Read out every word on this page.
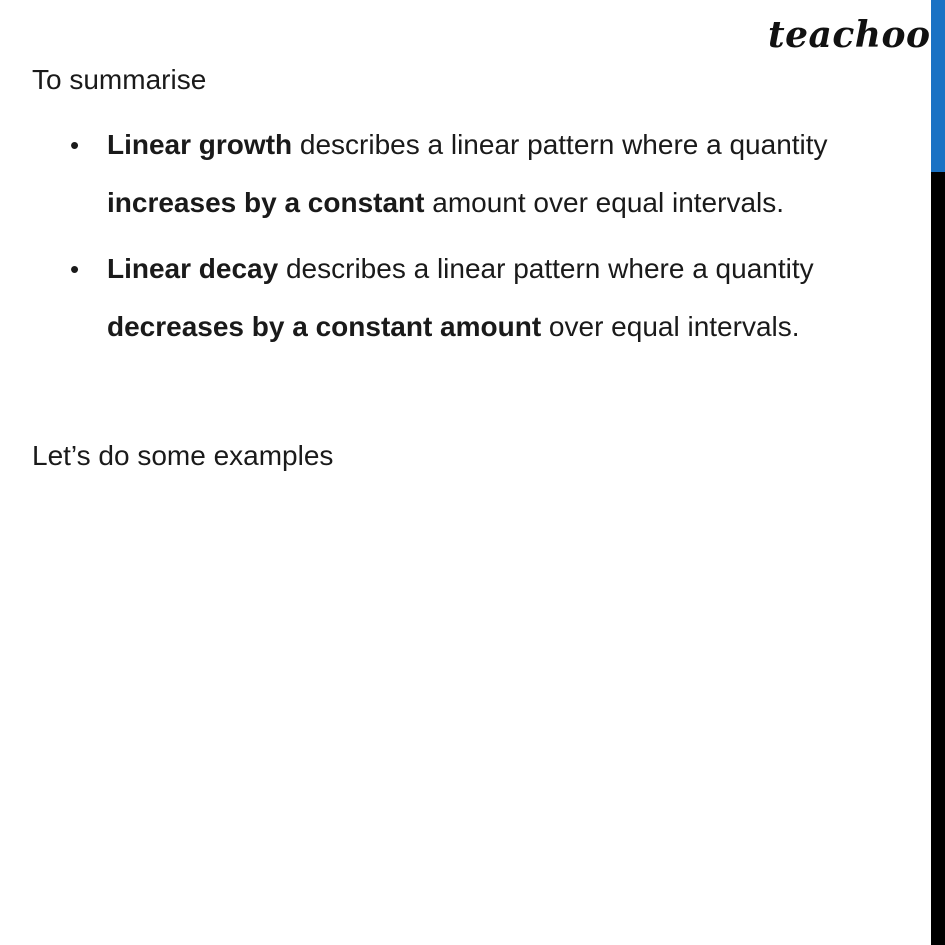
teachoo
To summarise
• Linear growth describes a linear pattern where a quantity increases by a constant amount over equal intervals.
• Linear decay describes a linear pattern where a quantity decreases by a constant amount over equal intervals.
Let’s do some examples
